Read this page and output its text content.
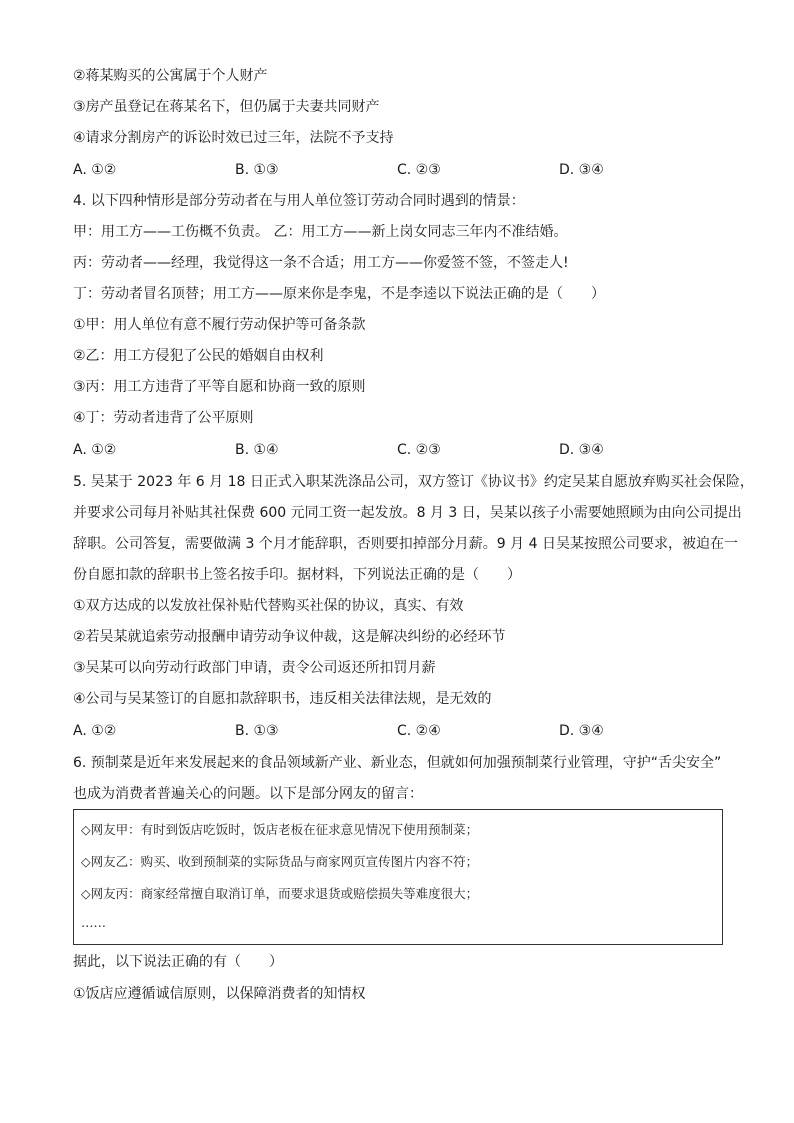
②蒋某购买的公寓属于个人财产
③房产虽登记在蒋某名下，但仍属于夫妻共同财产
④请求分割房产的诉讼时效已过三年，法院不予支持
A. ①②	B. ①③	C. ②③	D. ③④
4. 以下四种情形是部分劳动者在与用人单位签订劳动合同时遇到的情景：
甲：用工方——工伤概不负责。 乙：用工方——新上岗女同志三年内不准结婚。
丙：劳动者——经理，我觉得这一条不合适；用工方——你爱签不签，不签走人!
丁：劳动者冒名顶替；用工方——原来你是李鬼，不是李逵以下说法正确的是（　　）
①甲：用人单位有意不履行劳动保护等可备条款
②乙：用工方侵犯了公民的婚姻自由权利
③丙：用工方违背了平等自愿和协商一致的原则
④丁：劳动者违背了公平原则
A. ①②	B. ①④	C. ②③	D. ③④
5. 吴某于 2023 年 6 月 18 日正式入职某洗涤品公司，双方签订《协议书》约定吴某自愿放弃购买社会保险，
并要求公司每月补贴其社保费 600 元同工资一起发放。8 月 3 日，吴某以孩子小需要她照顾为由向公司提出
辞职。公司答复，需要做满 3 个月才能辞职，否则要扣掉部分月薪。9 月 4 日吴某按照公司要求，被迫在一
份自愿扣款的辞职书上签名按手印。据材料，下列说法正确的是（　　）
①双方达成的以发放社保补贴代替购买社保的协议，真实、有效
②若吴某就追索劳动报酬申请劳动争议仲裁，这是解决纠纷的必经环节
③吴某可以向劳动行政部门申请，责令公司返还所扣罚月薪
④公司与吴某签订的自愿扣款辞职书，违反相关法律法规，是无效的
A. ①②	B. ①③	C. ②④	D. ③④
6. 预制菜是近年来发展起来的食品领域新产业、新业态，但就如何加强预制菜行业管理，守护“舌尖安全”
也成为消费者普遍关心的问题。以下是部分网友的留言：
◇网友甲：有时到饭店吃饭时，饭店老板在征求意见情况下使用预制菜；
◇网友乙：购买、收到预制菜的实际货品与商家网页宣传图片内容不符；
◇网友丙：商家经常擅自取消订单，而要求退货或赔偿损失等难度很大；
……
据此，以下说法正确的有（　　）
①饭店应遵循诚信原则，以保障消费者的知情权
